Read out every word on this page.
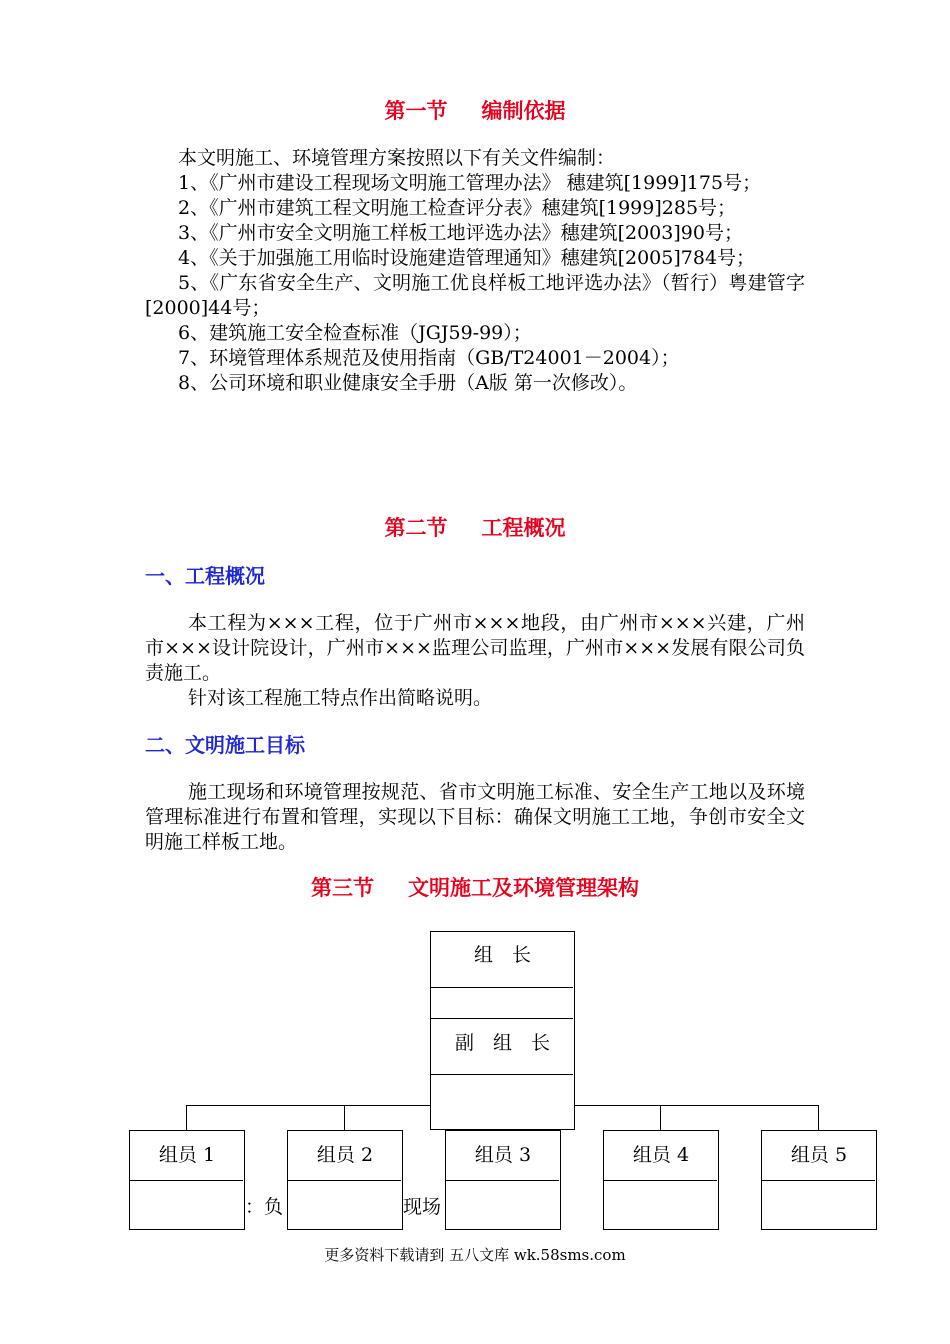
第一节 编制依据

本文明施工、环境管理方案按照以下有关文件编制：

1、《广州市建设工程现场文明施工管理办法》 穗建筑[1999]175号；

2、《广州市建筑工程文明施工检查评分表》穗建筑[1999]285号；

3、《广州市安全文明施工样板工地评选办法》穗建筑[2003]90号；

4、《关于加强施工用临时设施建造管理通知》穗建筑[2005]784号；

5、《广东省安全生产、文明施工优良样板工地评选办法》（暂行）粤建管字[2000]44号；

6、建筑施工安全检查标准（JGJ59-99）；

7、环境管理体系规范及使用指南（GB/T24001－2004）；

8、公司环境和职业健康安全手册（A版 第一次修改）。

第二节 工程概况
一、工程概况

本工程为×××工程，位于广州市×××地段，由广州市×××兴建，广州市×××设计院设计，广州市×××监理公司监理，广州市×××发展有限公司负责施工。

针对该工程施工特点作出简略说明。

二、文明施工目标

施工现场和环境管理按规范、省市文明施工标准、安全生产工地以及环境管理标准进行布置和管理，实现以下目标：确保文明施工工地，争创市安全文明施工样板工地。

第三节 文明施工及环境管理架构
组　长
副　组　长
组员 1	组员 2	组员 3	组员 4	组员 5
：负	现场
更多资料下载请到 五八文库 wk.58sms.com
